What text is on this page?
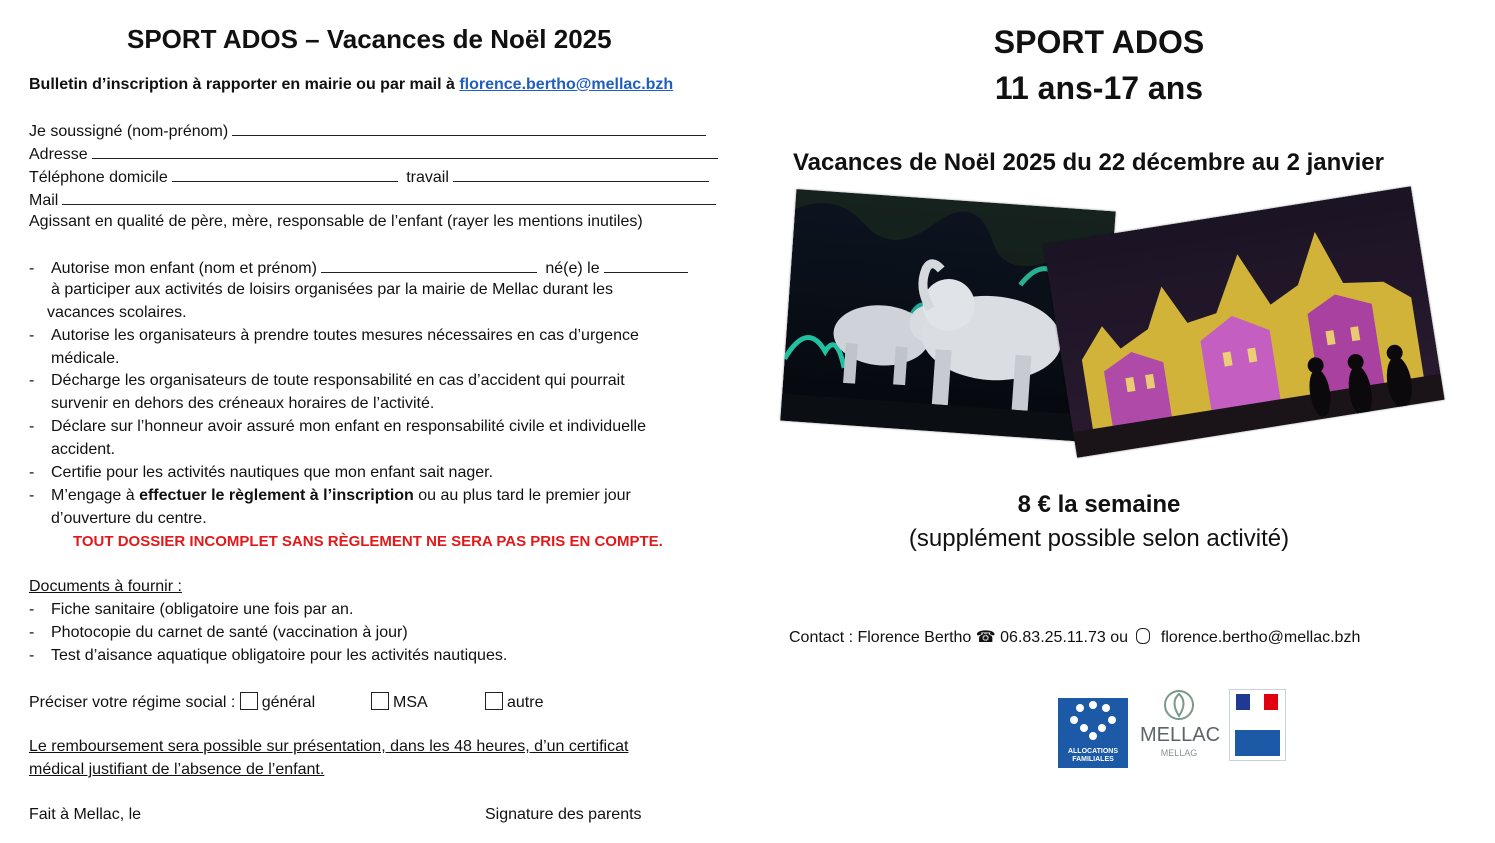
SPORT ADOS – Vacances de Noël 2025
Bulletin d’inscription à rapporter en mairie ou par mail à florence.bertho@mellac.bzh
Je soussigné (nom-prénom)
Adresse
Téléphone domicile	travail
Mail
Agissant en qualité de père, mère, responsable de l’enfant (rayer les mentions inutiles)
- Autorise mon enfant (nom et prénom)	né(e) le
à participer aux activités de loisirs organisées par la mairie de Mellac durant les
vacances scolaires.
- Autorise les organisateurs à prendre toutes mesures nécessaires en cas d’urgence
médicale.
- Décharge les organisateurs de toute responsabilité en cas d’accident qui pourrait
survenir en dehors des créneaux horaires de l’activité.
- Déclare sur l’honneur avoir assuré mon enfant en responsabilité civile et individuelle
accident.
- Certifie pour les activités nautiques que mon enfant sait nager.
- M’engage à effectuer le règlement à l’inscription ou au plus tard le premier jour
d’ouverture du centre.
TOUT DOSSIER INCOMPLET SANS RÈGLEMENT NE SERA PAS PRIS EN COMPTE.
Documents à fournir :
- Fiche sanitaire (obligatoire une fois par an.
- Photocopie du carnet de santé (vaccination à jour)
- Test d’aisance aquatique obligatoire pour les activités nautiques.
Préciser votre régime social : général	MSA	autre
Le remboursement sera possible sur présentation, dans les 48 heures, d’un certificat
médical justifiant de l’absence de l’enfant.
Fait à Mellac, le	Signature des parents
SPORT ADOS
11 ans-17 ans
Vacances de Noël 2025 du 22 décembre au 2 janvier
8 € la semaine
(supplément possible selon activité)
Contact : Florence Bertho ☎ 06.83.25.11.73 ou florence.bertho@mellac.bzh
ALLOCATIONS FAMILIALES
MELLAC
MELLAG
